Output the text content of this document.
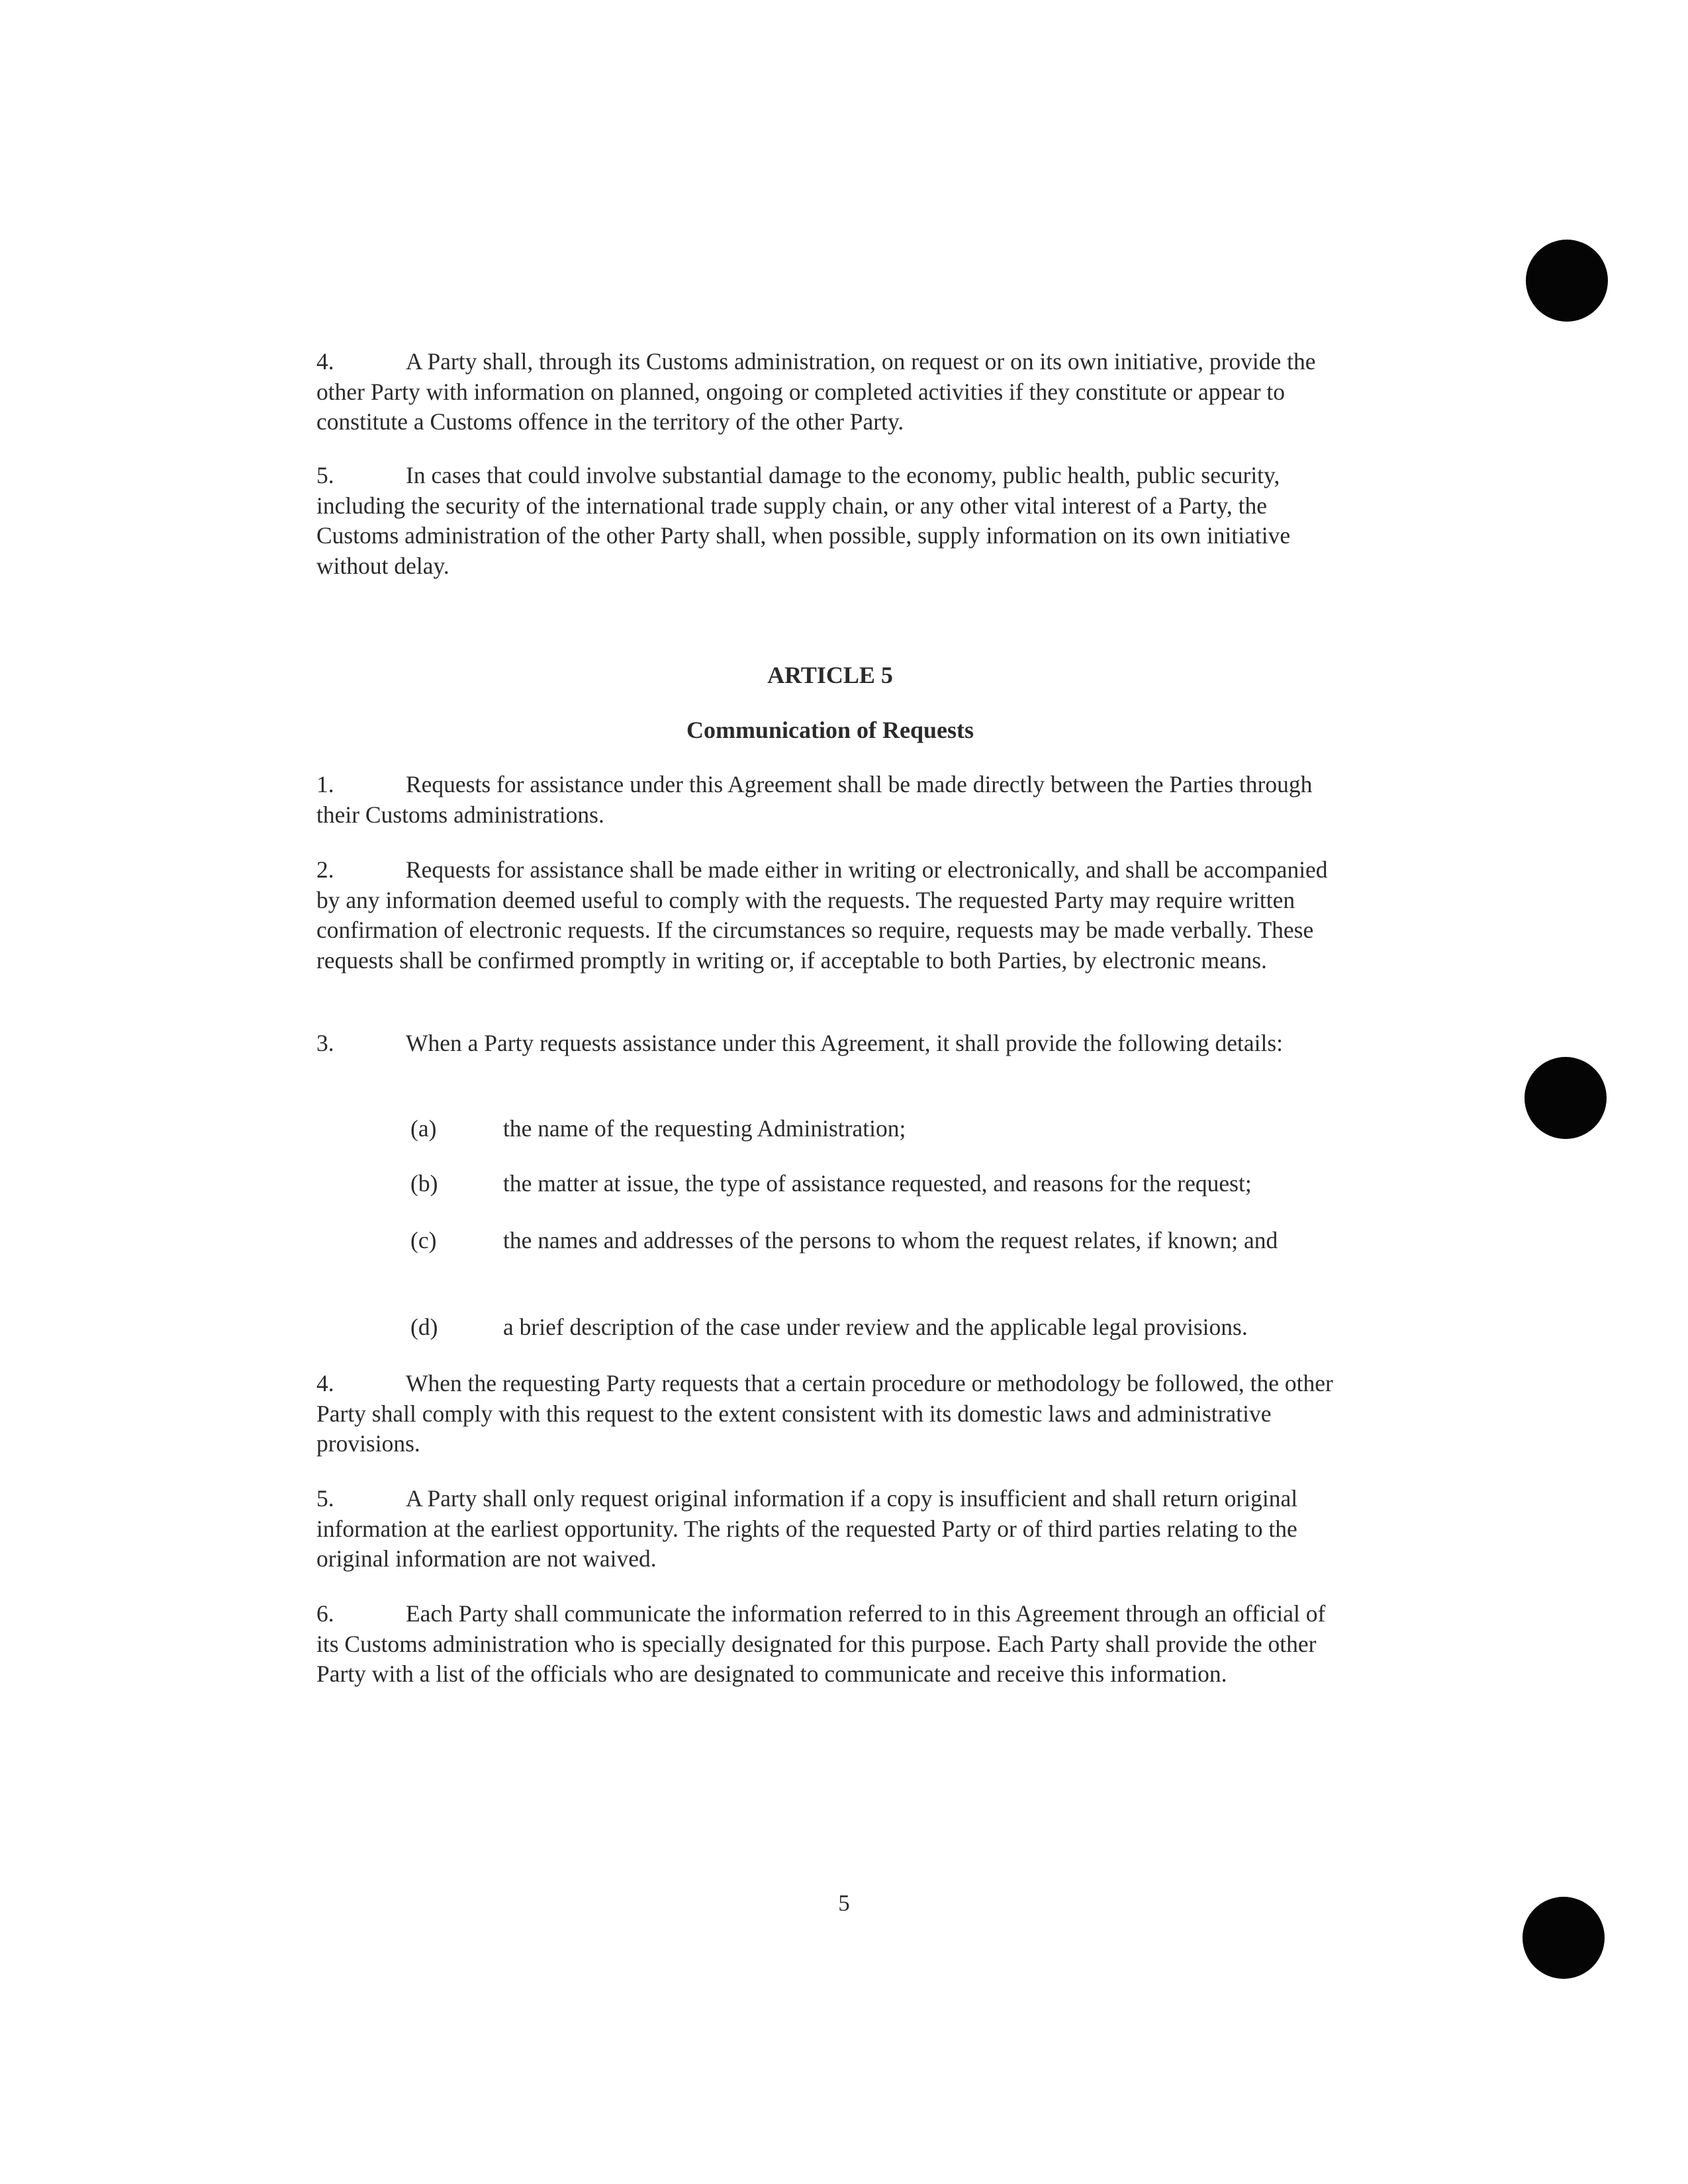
4.	A Party shall, through its Customs administration, on request or on its own initiative, provide the other Party with information on planned, ongoing or completed activities if they constitute or appear to constitute a Customs offence in the territory of the other Party.

5.	In cases that could involve substantial damage to the economy, public health, public security, including the security of the international trade supply chain, or any other vital interest of a Party, the Customs administration of the other Party shall, when possible, supply information on its own initiative without delay.

ARTICLE 5
Communication of Requests

1.	Requests for assistance under this Agreement shall be made directly between the Parties through their Customs administrations.

2.	Requests for assistance shall be made either in writing or electronically, and shall be accompanied by any information deemed useful to comply with the requests. The requested Party may require written confirmation of electronic requests. If the circumstances so require, requests may be made verbally. These requests shall be confirmed promptly in writing or, if acceptable to both Parties, by electronic means.

3.	When a Party requests assistance under this Agreement, it shall provide the following details:

(a)	the name of the requesting Administration;
(b)	the matter at issue, the type of assistance requested, and reasons for the request;
(c)	the names and addresses of the persons to whom the request relates, if known; and
(d)	a brief description of the case under review and the applicable legal provisions.

4.	When the requesting Party requests that a certain procedure or methodology be followed, the other Party shall comply with this request to the extent consistent with its domestic laws and administrative provisions.

5.	A Party shall only request original information if a copy is insufficient and shall return original information at the earliest opportunity. The rights of the requested Party or of third parties relating to the original information are not waived.

6.	Each Party shall communicate the information referred to in this Agreement through an official of its Customs administration who is specially designated for this purpose. Each Party shall provide the other Party with a list of the officials who are designated to communicate and receive this information.

5
